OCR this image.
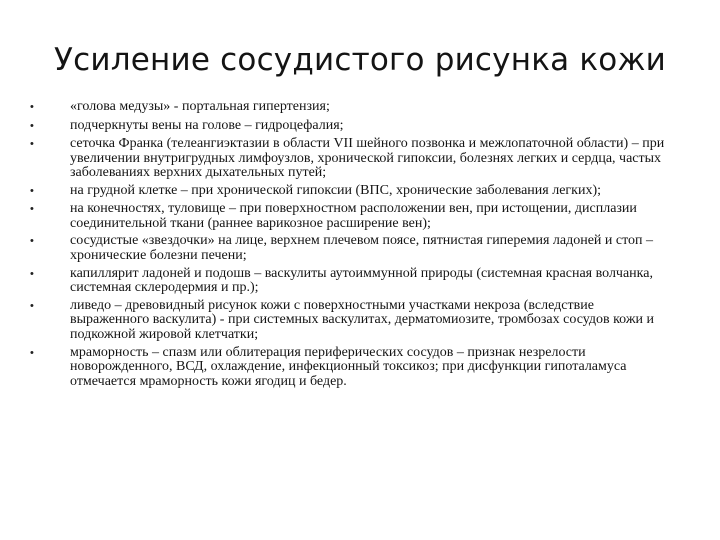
Усиление сосудистого рисунка кожи
•	«голова медузы» - портальная гипертензия;
•	подчеркнуты вены на голове – гидроцефалия;
•	сеточка Франка (телеангиэктазии в области VII шейного позвонка и межлопаточной области) – при увеличении внутригрудных лимфоузлов, хронической гипоксии, болезнях легких и сердца, частых заболеваниях верхних дыхательных путей;
•	на грудной клетке – при хронической гипоксии (ВПС, хронические заболевания легких);
•	на конечностях, туловище – при поверхностном расположении вен, при истощении, дисплазии соединительной ткани (раннее варикозное расширение вен);
•	сосудистые «звездочки» на лице, верхнем плечевом поясе, пятнистая гиперемия ладоней и стоп – хронические болезни печени;
•	капиллярит ладоней и подошв – васкулиты аутоиммунной природы (системная красная волчанка, системная склеродермия и пр.);
•	ливедо – древовидный рисунок кожи с поверхностными участками некроза (вследствие выраженного васкулита) - при системных васкулитах, дерматомиозите, тромбозах сосудов кожи и подкожной жировой клетчатки;
•	мраморность – спазм или облитерация периферических сосудов – признак незрелости новорожденного, ВСД, охлаждение, инфекционный токсикоз; при дисфункции гипоталамуса отмечается мраморность кожи ягодиц и бедер.
